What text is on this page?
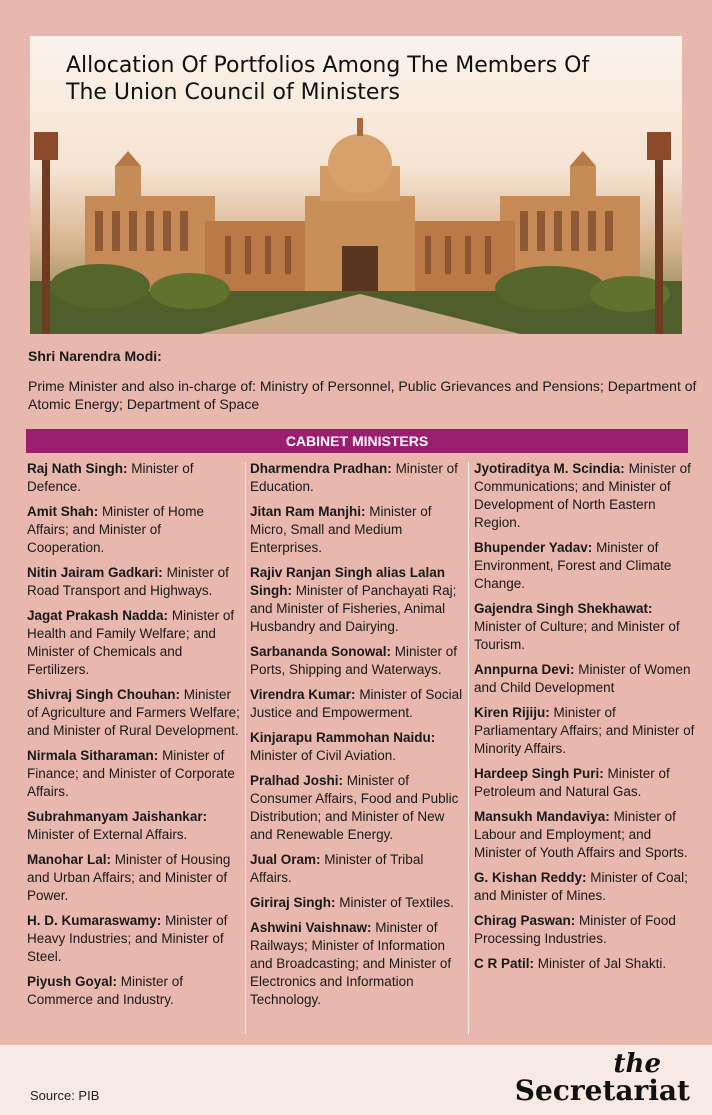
Allocation Of Portfolios Among The Members Of
The Union Council of Ministers
Shri Narendra Modi:
Prime Minister and also in-charge of: Ministry of Personnel, Public Grievances and Pensions; Department of Atomic Energy; Department of Space
CABINET MINISTERS
Raj Nath Singh: Minister of Defence.
Amit Shah: Minister of Home Affairs; and Minister of Cooperation.
Nitin Jairam Gadkari: Minister of Road Transport and Highways.
Jagat Prakash Nadda: Minister of Health and Family Welfare; and Minister of Chemicals and Fertilizers.
Shivraj Singh Chouhan: Minister of Agriculture and Farmers Welfare; and Minister of Rural Development.
Nirmala Sitharaman: Minister of Finance; and Minister of Corporate Affairs.
Subrahmanyam Jaishankar: Minister of External Affairs.
Manohar Lal: Minister of Housing and Urban Affairs; and Minister of Power.
H. D. Kumaraswamy: Minister of Heavy Industries; and Minister of Steel.
Piyush Goyal: Minister of Commerce and Industry.
Dharmendra Pradhan: Minister of Education.
Jitan Ram Manjhi: Minister of Micro, Small and Medium Enterprises.
Rajiv Ranjan Singh alias Lalan Singh: Minister of Panchayati Raj; and Minister of Fisheries, Animal Husbandry and Dairying.
Sarbananda Sonowal: Minister of Ports, Shipping and Waterways.
Virendra Kumar: Minister of Social Justice and Empowerment.
Kinjarapu Rammohan Naidu: Minister of Civil Aviation.
Pralhad Joshi: Minister of Consumer Affairs, Food and Public Distribution; and Minister of New and Renewable Energy.
Jual Oram: Minister of Tribal Affairs.
Giriraj Singh: Minister of Textiles.
Ashwini Vaishnaw: Minister of Railways; Minister of Information and Broadcasting; and Minister of Electronics and Information Technology.
Jyotiraditya M. Scindia: Minister of Communications; and Minister of Development of North Eastern Region.
Bhupender Yadav: Minister of Environment, Forest and Climate Change.
Gajendra Singh Shekhawat: Minister of Culture; and Minister of Tourism.
Annpurna Devi: Minister of Women and Child Development
Kiren Rijiju: Minister of Parliamentary Affairs; and Minister of Minority Affairs.
Hardeep Singh Puri: Minister of Petroleum and Natural Gas.
Mansukh Mandaviya: Minister of Labour and Employment; and Minister of Youth Affairs and Sports.
G. Kishan Reddy: Minister of Coal; and Minister of Mines.
Chirag Paswan: Minister of Food Processing Industries.
C R Patil: Minister of Jal Shakti.
Source: PIB
the
Secretariat
